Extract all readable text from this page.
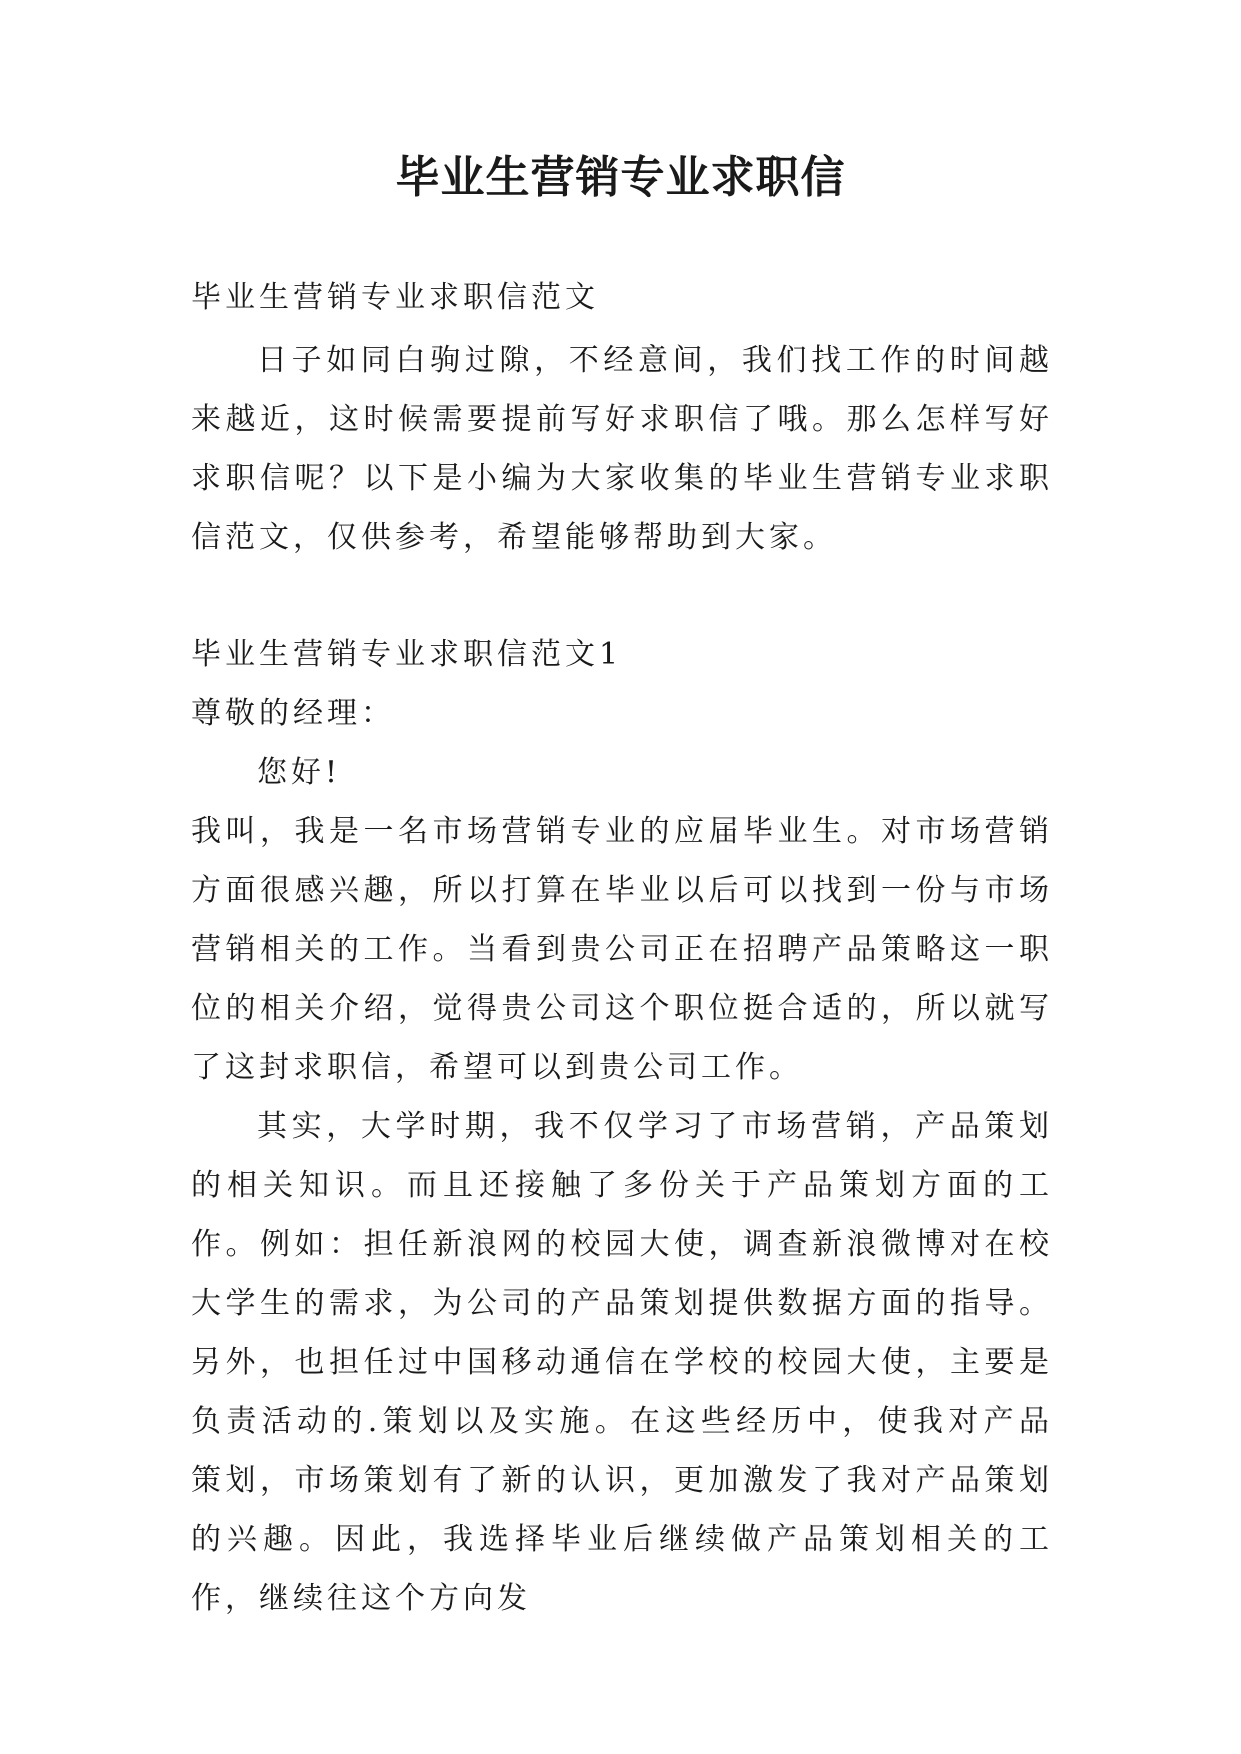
毕业生营销专业求职信

毕业生营销专业求职信范文

日子如同白驹过隙，不经意间，我们找工作的时间越来越近，这时候需要提前写好求职信了哦。那么怎样写好求职信呢？以下是小编为大家收集的毕业生营销专业求职信范文，仅供参考，希望能够帮助到大家。

毕业生营销专业求职信范文1

尊敬的经理：

您好!

我叫，我是一名市场营销专业的应届毕业生。对市场营销方面很感兴趣，所以打算在毕业以后可以找到一份与市场营销相关的工作。当看到贵公司正在招聘产品策略这一职位的相关介绍，觉得贵公司这个职位挺合适的，所以就写了这封求职信，希望可以到贵公司工作。

其实，大学时期，我不仅学习了市场营销，产品策划的相关知识。而且还接触了多份关于产品策划方面的工作。例如：担任新浪网的校园大使，调查新浪微博对在校大学生的需求，为公司的产品策划提供数据方面的指导。另外，也担任过中国移动通信在学校的校园大使，主要是负责活动的.策划以及实施。在这些经历中，使我对产品策划，市场策划有了新的认识，更加激发了我对产品策划的兴趣。因此，我选择毕业后继续做产品策划相关的工作，继续往这个方向发
